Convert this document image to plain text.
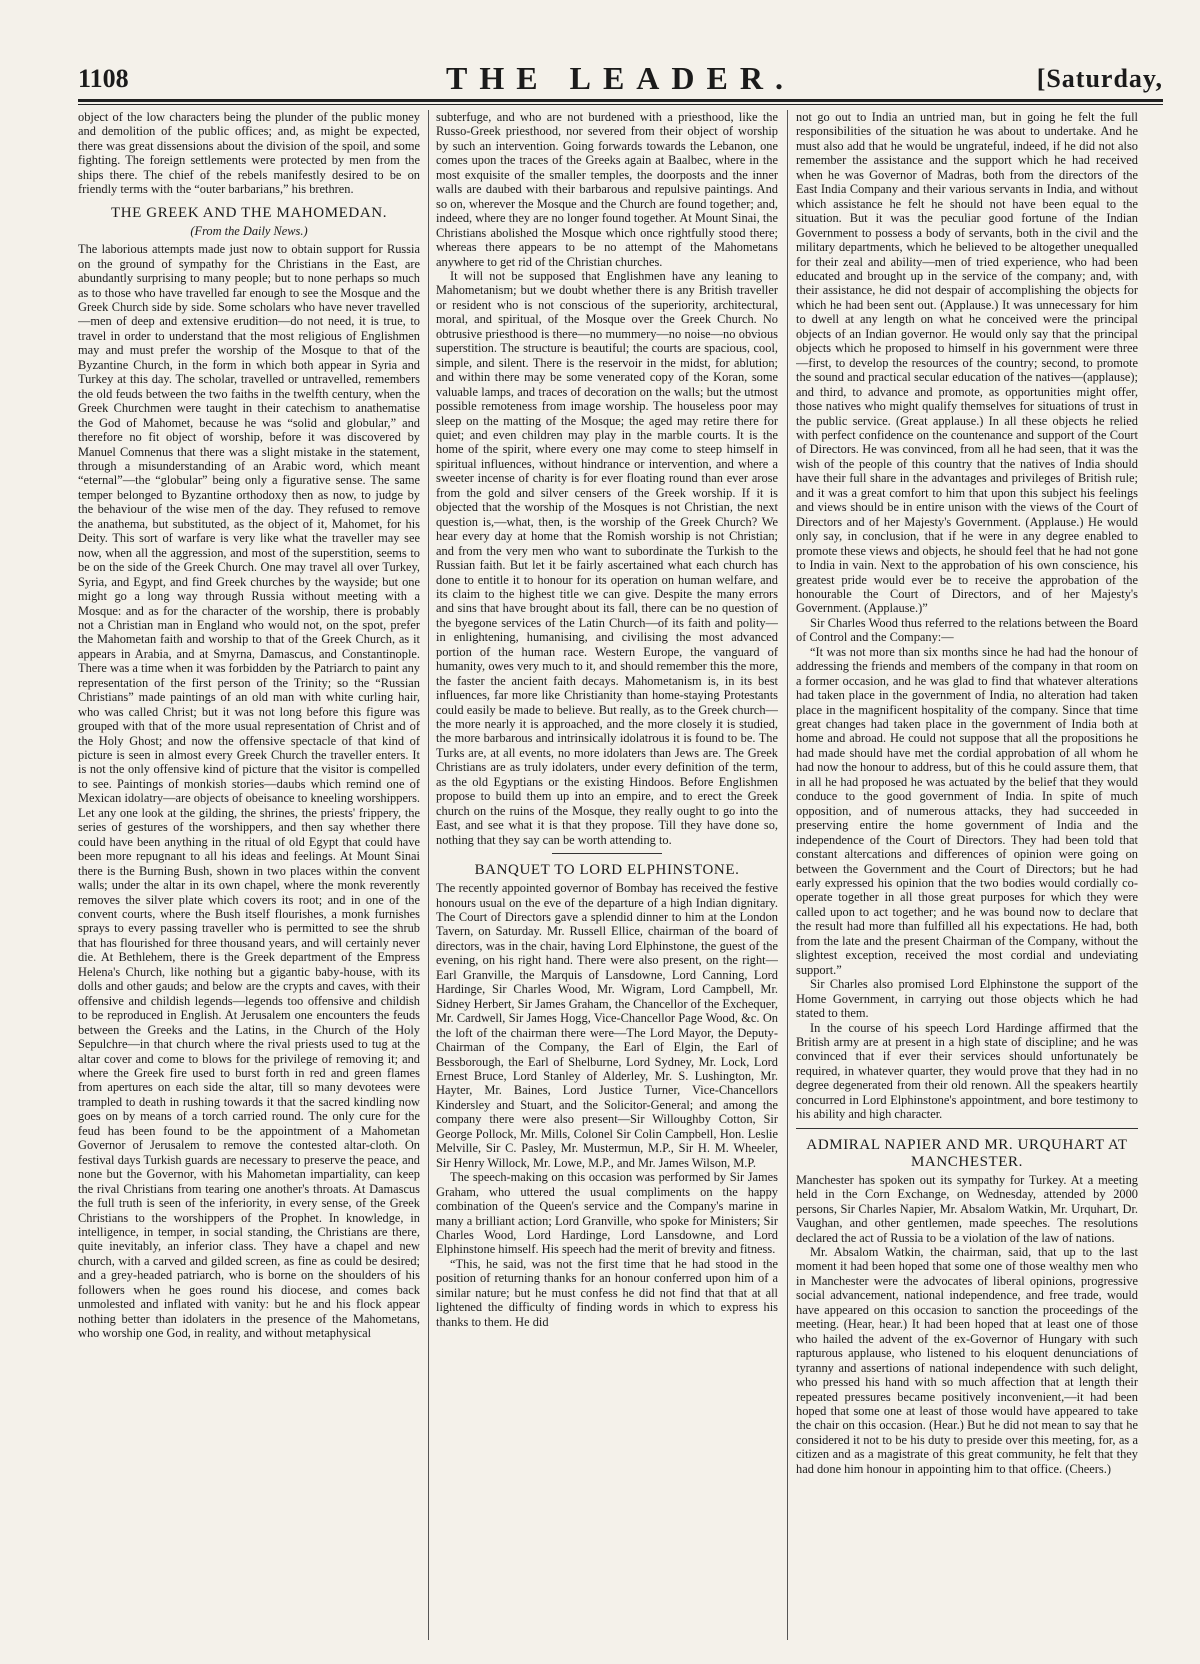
1108	THE LEADER.	[Saturday,

object of the low characters being the plunder of the public money and demolition of the public offices; and, as might be expected, there was great dissensions about the division of the spoil, and some fighting. The foreign settlements were protected by men from the ships there. The chief of the rebels manifestly desired to be on friendly terms with the “outer barbarians,” his brethren.

THE GREEK AND THE MAHOMEDAN.

(From the Daily News.)

The laborious attempts made just now to obtain support for Russia on the ground of sympathy for the Christians in the East, are abundantly surprising to many people; but to none perhaps so much as to those who have travelled far enough to see the Mosque and the Greek Church side by side. Some scholars who have never travelled—men of deep and extensive erudition—do not need, it is true, to travel in order to understand that the most religious of Englishmen may and must prefer the worship of the Mosque to that of the Byzantine Church, in the form in which both appear in Syria and Turkey at this day. The scholar, travelled or untravelled, remembers the old feuds between the two faiths in the twelfth century, when the Greek Churchmen were taught in their catechism to anathematise the God of Mahomet, because he was “solid and globular,” and therefore no fit object of worship, before it was discovered by Manuel Comnenus that there was a slight mistake in the statement, through a misunderstanding of an Arabic word, which meant “eternal”—the “globular” being only a figurative sense. The same temper belonged to Byzantine orthodoxy then as now, to judge by the behaviour of the wise men of the day. They refused to remove the anathema, but substituted, as the object of it, Mahomet, for his Deity. This sort of warfare is very like what the traveller may see now, when all the aggression, and most of the superstition, seems to be on the side of the Greek Church. One may travel all over Turkey, Syria, and Egypt, and find Greek churches by the wayside; but one might go a long way through Russia without meeting with a Mosque: and as for the character of the worship, there is probably not a Christian man in England who would not, on the spot, prefer the Mahometan faith and worship to that of the Greek Church, as it appears in Arabia, and at Smyrna, Damascus, and Constantinople. There was a time when it was forbidden by the Patriarch to paint any representation of the first person of the Trinity; so the “Russian Christians” made paintings of an old man with white curling hair, who was called Christ; but it was not long before this figure was grouped with that of the more usual representation of Christ and of the Holy Ghost; and now the offensive spectacle of that kind of picture is seen in almost every Greek Church the traveller enters. It is not the only offensive kind of picture that the visitor is compelled to see. Paintings of monkish stories—daubs which remind one of Mexican idolatry—are objects of obeisance to kneeling worshippers. Let any one look at the gilding, the shrines, the priests' frippery, the series of gestures of the worshippers, and then say whether there could have been anything in the ritual of old Egypt that could have been more repugnant to all his ideas and feelings. At Mount Sinai there is the Burning Bush, shown in two places within the convent walls; under the altar in its own chapel, where the monk reverently removes the silver plate which covers its root; and in one of the convent courts, where the Bush itself flourishes, a monk furnishes sprays to every passing traveller who is permitted to see the shrub that has flourished for three thousand years, and will certainly never die. At Bethlehem, there is the Greek department of the Empress Helena's Church, like nothing but a gigantic baby-house, with its dolls and other gauds; and below are the crypts and caves, with their offensive and childish legends—legends too offensive and childish to be reproduced in English. At Jerusalem one encounters the feuds between the Greeks and the Latins, in the Church of the Holy Sepulchre—in that church where the rival priests used to tug at the altar cover and come to blows for the privilege of removing it; and where the Greek fire used to burst forth in red and green flames from apertures on each side the altar, till so many devotees were trampled to death in rushing towards it that the sacred kindling now goes on by means of a torch carried round. The only cure for the feud has been found to be the appointment of a Mahometan Governor of Jerusalem to remove the contested altar-cloth. On festival days Turkish guards are necessary to preserve the peace, and none but the Governor, with his Mahometan impartiality, can keep the rival Christians from tearing one another's throats. At Damascus the full truth is seen of the inferiority, in every sense, of the Greek Christians to the worshippers of the Prophet. In knowledge, in intelligence, in temper, in social standing, the Christians are there, quite inevitably, an inferior class. They have a chapel and new church, with a carved and gilded screen, as fine as could be desired; and a grey-headed patriarch, who is borne on the shoulders of his followers when he goes round his diocese, and comes back unmolested and inflated with vanity: but he and his flock appear nothing better than idolaters in the presence of the Mahometans, who worship one God, in reality, and without metaphysical

subterfuge, and who are not burdened with a priesthood, like the Russo-Greek priesthood, nor severed from their object of worship by such an intervention. Going forwards towards the Lebanon, one comes upon the traces of the Greeks again at Baalbec, where in the most exquisite of the smaller temples, the doorposts and the inner walls are daubed with their barbarous and repulsive paintings. And so on, wherever the Mosque and the Church are found together; and, indeed, where they are no longer found together. At Mount Sinai, the Christians abolished the Mosque which once rightfully stood there; whereas there appears to be no attempt of the Mahometans anywhere to get rid of the Christian churches.

It will not be supposed that Englishmen have any leaning to Mahometanism; but we doubt whether there is any British traveller or resident who is not conscious of the superiority, architectural, moral, and spiritual, of the Mosque over the Greek Church. No obtrusive priesthood is there—no mummery—no noise—no obvious superstition. The structure is beautiful; the courts are spacious, cool, simple, and silent. There is the reservoir in the midst, for ablution; and within there may be some venerated copy of the Koran, some valuable lamps, and traces of decoration on the walls; but the utmost possible remoteness from image worship. The houseless poor may sleep on the matting of the Mosque; the aged may retire there for quiet; and even children may play in the marble courts. It is the home of the spirit, where every one may come to steep himself in spiritual influences, without hindrance or intervention, and where a sweeter incense of charity is for ever floating round than ever arose from the gold and silver censers of the Greek worship. If it is objected that the worship of the Mosques is not Christian, the next question is,—what, then, is the worship of the Greek Church? We hear every day at home that the Romish worship is not Christian; and from the very men who want to subordinate the Turkish to the Russian faith. But let it be fairly ascertained what each church has done to entitle it to honour for its operation on human welfare, and its claim to the highest title we can give. Despite the many errors and sins that have brought about its fall, there can be no question of the byegone services of the Latin Church—of its faith and polity—in enlightening, humanising, and civilising the most advanced portion of the human race. Western Europe, the vanguard of humanity, owes very much to it, and should remember this the more, the faster the ancient faith decays. Mahometanism is, in its best influences, far more like Christianity than home-staying Protestants could easily be made to believe. But really, as to the Greek church—the more nearly it is approached, and the more closely it is studied, the more barbarous and intrinsically idolatrous it is found to be. The Turks are, at all events, no more idolaters than Jews are. The Greek Christians are as truly idolaters, under every definition of the term, as the old Egyptians or the existing Hindoos. Before Englishmen propose to build them up into an empire, and to erect the Greek church on the ruins of the Mosque, they really ought to go into the East, and see what it is that they propose. Till they have done so, nothing that they say can be worth attending to.

BANQUET TO LORD ELPHINSTONE.

The recently appointed governor of Bombay has received the festive honours usual on the eve of the departure of a high Indian dignitary. The Court of Directors gave a splendid dinner to him at the London Tavern, on Saturday. Mr. Russell Ellice, chairman of the board of directors, was in the chair, having Lord Elphinstone, the guest of the evening, on his right hand. There were also present, on the right—Earl Granville, the Marquis of Lansdowne, Lord Canning, Lord Hardinge, Sir Charles Wood, Mr. Wigram, Lord Campbell, Mr. Sidney Herbert, Sir James Graham, the Chancellor of the Exchequer, Mr. Cardwell, Sir James Hogg, Vice-Chancellor Page Wood, &c. On the loft of the chairman there were—The Lord Mayor, the Deputy-Chairman of the Company, the Earl of Elgin, the Earl of Bessborough, the Earl of Shelburne, Lord Sydney, Mr. Lock, Lord Ernest Bruce, Lord Stanley of Alderley, Mr. S. Lushington, Mr. Hayter, Mr. Baines, Lord Justice Turner, Vice-Chancellors Kindersley and Stuart, and the Solicitor-General; and among the company there were also present—Sir Willoughby Cotton, Sir George Pollock, Mr. Mills, Colonel Sir Colin Campbell, Hon. Leslie Melville, Sir C. Pasley, Mr. Mustermun, M.P., Sir H. M. Wheeler, Sir Henry Willock, Mr. Lowe, M.P., and Mr. James Wilson, M.P.

The speech-making on this occasion was performed by Sir James Graham, who uttered the usual compliments on the happy combination of the Queen's service and the Company's marine in many a brilliant action; Lord Granville, who spoke for Ministers; Sir Charles Wood, Lord Hardinge, Lord Lansdowne, and Lord Elphinstone himself. His speech had the merit of brevity and fitness.

“This, he said, was not the first time that he had stood in the position of returning thanks for an honour conferred upon him of a similar nature; but he must confess he did not find that that at all lightened the difficulty of finding words in which to express his thanks to them. He did

not go out to India an untried man, but in going he felt the full responsibilities of the situation he was about to undertake. And he must also add that he would be ungrateful, indeed, if he did not also remember the assistance and the support which he had received when he was Governor of Madras, both from the directors of the East India Company and their various servants in India, and without which assistance he felt he should not have been equal to the situation. But it was the peculiar good fortune of the Indian Government to possess a body of servants, both in the civil and the military departments, which he believed to be altogether unequalled for their zeal and ability—men of tried experience, who had been educated and brought up in the service of the company; and, with their assistance, he did not despair of accomplishing the objects for which he had been sent out. (Applause.) It was unnecessary for him to dwell at any length on what he conceived were the principal objects of an Indian governor. He would only say that the principal objects which he proposed to himself in his government were three—first, to develop the resources of the country; second, to promote the sound and practical secular education of the natives—(applause); and third, to advance and promote, as opportunities might offer, those natives who might qualify themselves for situations of trust in the public service. (Great applause.) In all these objects he relied with perfect confidence on the countenance and support of the Court of Directors. He was convinced, from all he had seen, that it was the wish of the people of this country that the natives of India should have their full share in the advantages and privileges of British rule; and it was a great comfort to him that upon this subject his feelings and views should be in entire unison with the views of the Court of Directors and of her Majesty's Government. (Applause.) He would only say, in conclusion, that if he were in any degree enabled to promote these views and objects, he should feel that he had not gone to India in vain. Next to the approbation of his own conscience, his greatest pride would ever be to receive the approbation of the honourable the Court of Directors, and of her Majesty's Government. (Applause.)”

Sir Charles Wood thus referred to the relations between the Board of Control and the Company:—

“It was not more than six months since he had had the honour of addressing the friends and members of the company in that room on a former occasion, and he was glad to find that whatever alterations had taken place in the government of India, no alteration had taken place in the magnificent hospitality of the company. Since that time great changes had taken place in the government of India both at home and abroad. He could not suppose that all the propositions he had made should have met the cordial approbation of all whom he had now the honour to address, but of this he could assure them, that in all he had proposed he was actuated by the belief that they would conduce to the good government of India. In spite of much opposition, and of numerous attacks, they had succeeded in preserving entire the home government of India and the independence of the Court of Directors. They had been told that constant altercations and differences of opinion were going on between the Government and the Court of Directors; but he had early expressed his opinion that the two bodies would cordially co-operate together in all those great purposes for which they were called upon to act together; and he was bound now to declare that the result had more than fulfilled all his expectations. He had, both from the late and the present Chairman of the Company, without the slightest exception, received the most cordial and undeviating support.”

Sir Charles also promised Lord Elphinstone the support of the Home Government, in carrying out those objects which he had stated to them.

In the course of his speech Lord Hardinge affirmed that the British army are at present in a high state of discipline; and he was convinced that if ever their services should unfortunately be required, in whatever quarter, they would prove that they had in no degree degenerated from their old renown. All the speakers heartily concurred in Lord Elphinstone's appointment, and bore testimony to his ability and high character.

ADMIRAL NAPIER AND MR. URQUHART AT MANCHESTER.

Manchester has spoken out its sympathy for Turkey. At a meeting held in the Corn Exchange, on Wednesday, attended by 2000 persons, Sir Charles Napier, Mr. Absalom Watkin, Mr. Urquhart, Dr. Vaughan, and other gentlemen, made speeches. The resolutions declared the act of Russia to be a violation of the law of nations.

Mr. Absalom Watkin, the chairman, said, that up to the last moment it had been hoped that some one of those wealthy men who in Manchester were the advocates of liberal opinions, progressive social advancement, national independence, and free trade, would have appeared on this occasion to sanction the proceedings of the meeting. (Hear, hear.) It had been hoped that at least one of those who hailed the advent of the ex-Governor of Hungary with such rapturous applause, who listened to his eloquent denunciations of tyranny and assertions of national independence with such delight, who pressed his hand with so much affection that at length their repeated pressures became positively inconvenient,—it had been hoped that some one at least of those would have appeared to take the chair on this occasion. (Hear.) But he did not mean to say that he considered it not to be his duty to preside over this meeting, for, as a citizen and as a magistrate of this great community, he felt that they had done him honour in appointing him to that office. (Cheers.)
